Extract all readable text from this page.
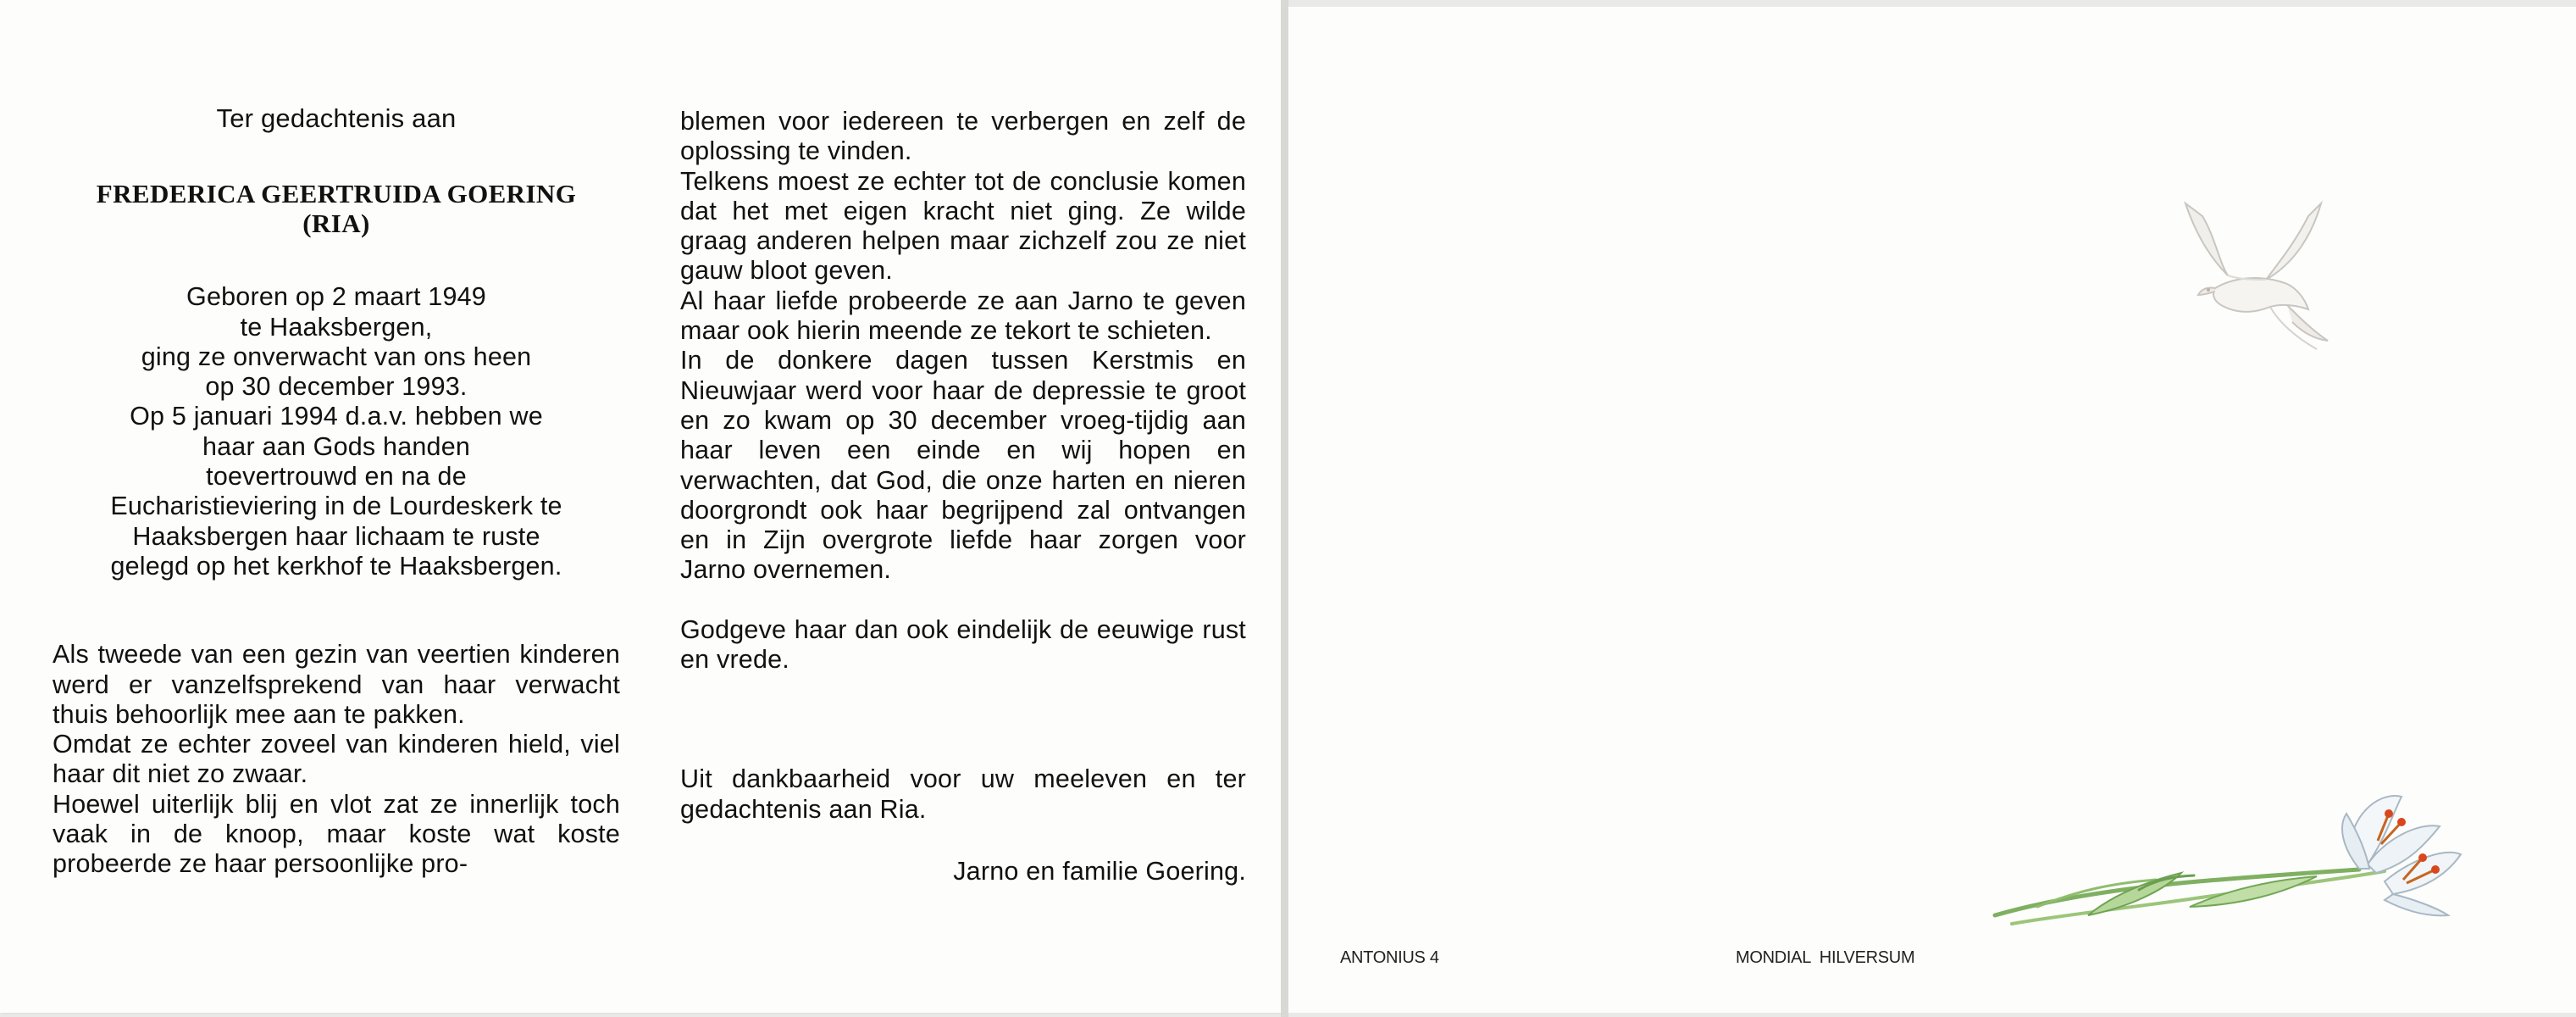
Ter gedachtenis aan
FREDERICA GEERTRUIDA GOERING
(RIA)
Geboren op 2 maart 1949
te Haaksbergen,
ging ze onverwacht van ons heen
op 30 december 1993.
Op 5 januari 1994 d.a.v. hebben we
haar aan Gods handen
toevertrouwd en na de
Eucharistieviering in de Lourdeskerk te
Haaksbergen haar lichaam te ruste
gelegd op het kerkhof te Haaksbergen.
Als tweede van een gezin van veertien kinderen werd er vanzelfsprekend van haar verwacht thuis behoorlijk mee aan te pakken.
Omdat ze echter zoveel van kinderen hield, viel haar dit niet zo zwaar.
Hoewel uiterlijk blij en vlot zat ze innerlijk toch vaak in de knoop, maar koste wat koste probeerde ze haar persoonlijke pro-
blemen voor iedereen te verbergen en zelf de oplossing te vinden.
Telkens moest ze echter tot de conclusie komen dat het met eigen kracht niet ging. Ze wilde graag anderen helpen maar zichzelf zou ze niet gauw bloot geven.
Al haar liefde probeerde ze aan Jarno te geven maar ook hierin meende ze tekort te schieten.
In de donkere dagen tussen Kerstmis en Nieuwjaar werd voor haar de depressie te groot en zo kwam op 30 december vroeg-tijdig aan haar leven een einde en wij hopen en verwachten, dat God, die onze harten en nieren doorgrondt ook haar begrijpend zal ontvangen en in Zijn overgrote liefde haar zorgen voor Jarno overnemen.
Godgeve haar dan ook eindelijk de eeuwige rust en vrede.
Uit dankbaarheid voor uw meeleven en ter gedachtenis aan Ria.
Jarno en familie Goering.
ANTONIUS 4	MONDIAL  HILVERSUM
